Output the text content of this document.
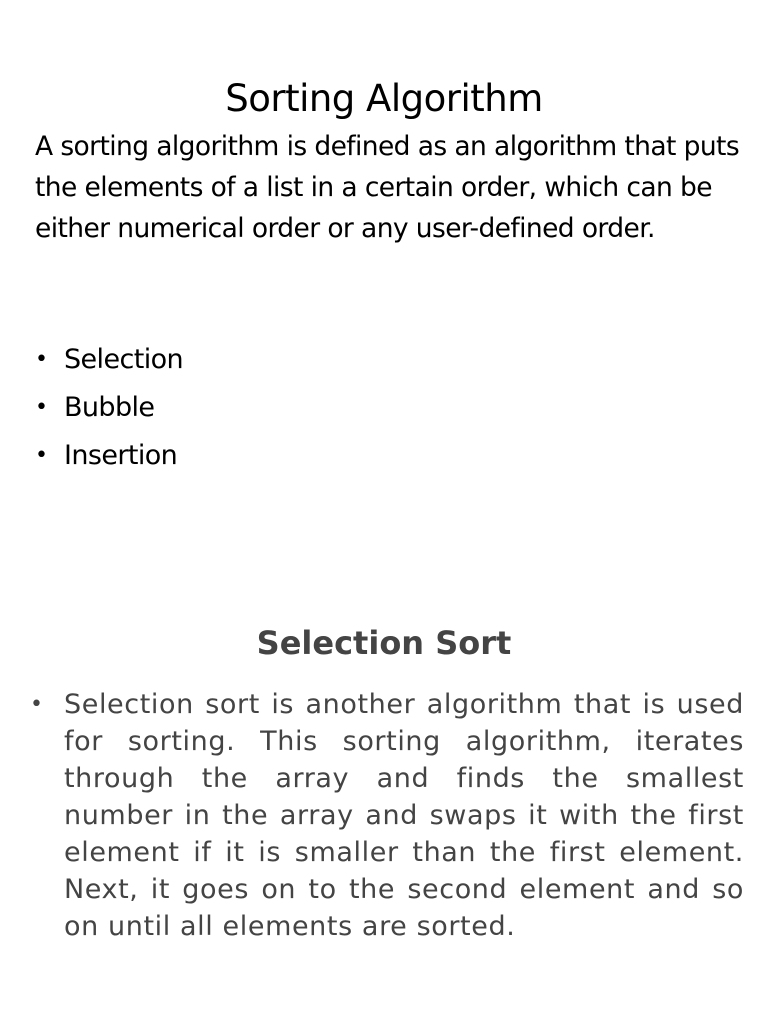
Sorting Algorithm

A sorting algorithm is defined as an algorithm that puts the elements of a list in a certain order, which can be either numerical order or any user-defined order.

• Selection
• Bubble
• Insertion
Selection Sort
• Selection sort is another algorithm that is used for sorting. This sorting algorithm, iterates through the array and finds the smallest number in the array and swaps it with the first element if it is smaller than the first element. Next, it goes on to the second element and so on until all elements are sorted.
